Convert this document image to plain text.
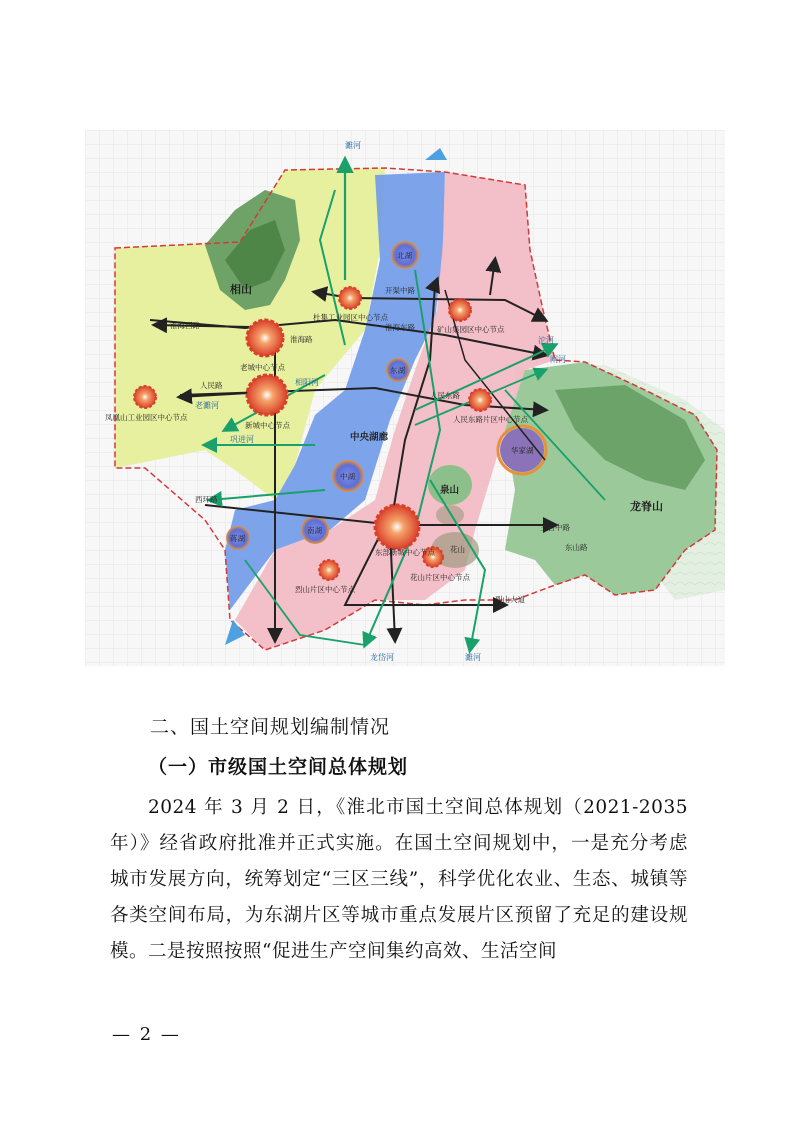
相山
龙脊山
泉山
花山
中央湖廊
北湖
东湖
中湖
南湖
华家湖
蒋湖
老城中心节点
新城中心节点
东部新城中心节点
杜集工业园区中心节点
矿山集园区中心节点
凤凰山工业园区中心节点	人民东路片区中心节点
烈山片区中心节点
花山片区中心节点
淮海西路	淮海东路
淮海路
人民路
人民东路
西环路
开渠中路
三台中路
烈山大道
东山路
濉河
老濉河
相阳河
龙岱河	濉河
沱河
闸河
巩进河
二、国土空间规划编制情况
（一）市级国土空间总体规划
2024 年 3 月 2 日，《淮北市国土空间总体规划（2021-2035 年）》经省政府批准并正式实施。在国土空间规划中，一是充分考虑城市发展方向，统筹划定“三区三线”，科学优化农业、生态、城镇等各类空间布局，为东湖片区等城市重点发展片区预留了充足的建设规模。二是按照按照“促进生产空间集约高效、生活空间
— 2 —
